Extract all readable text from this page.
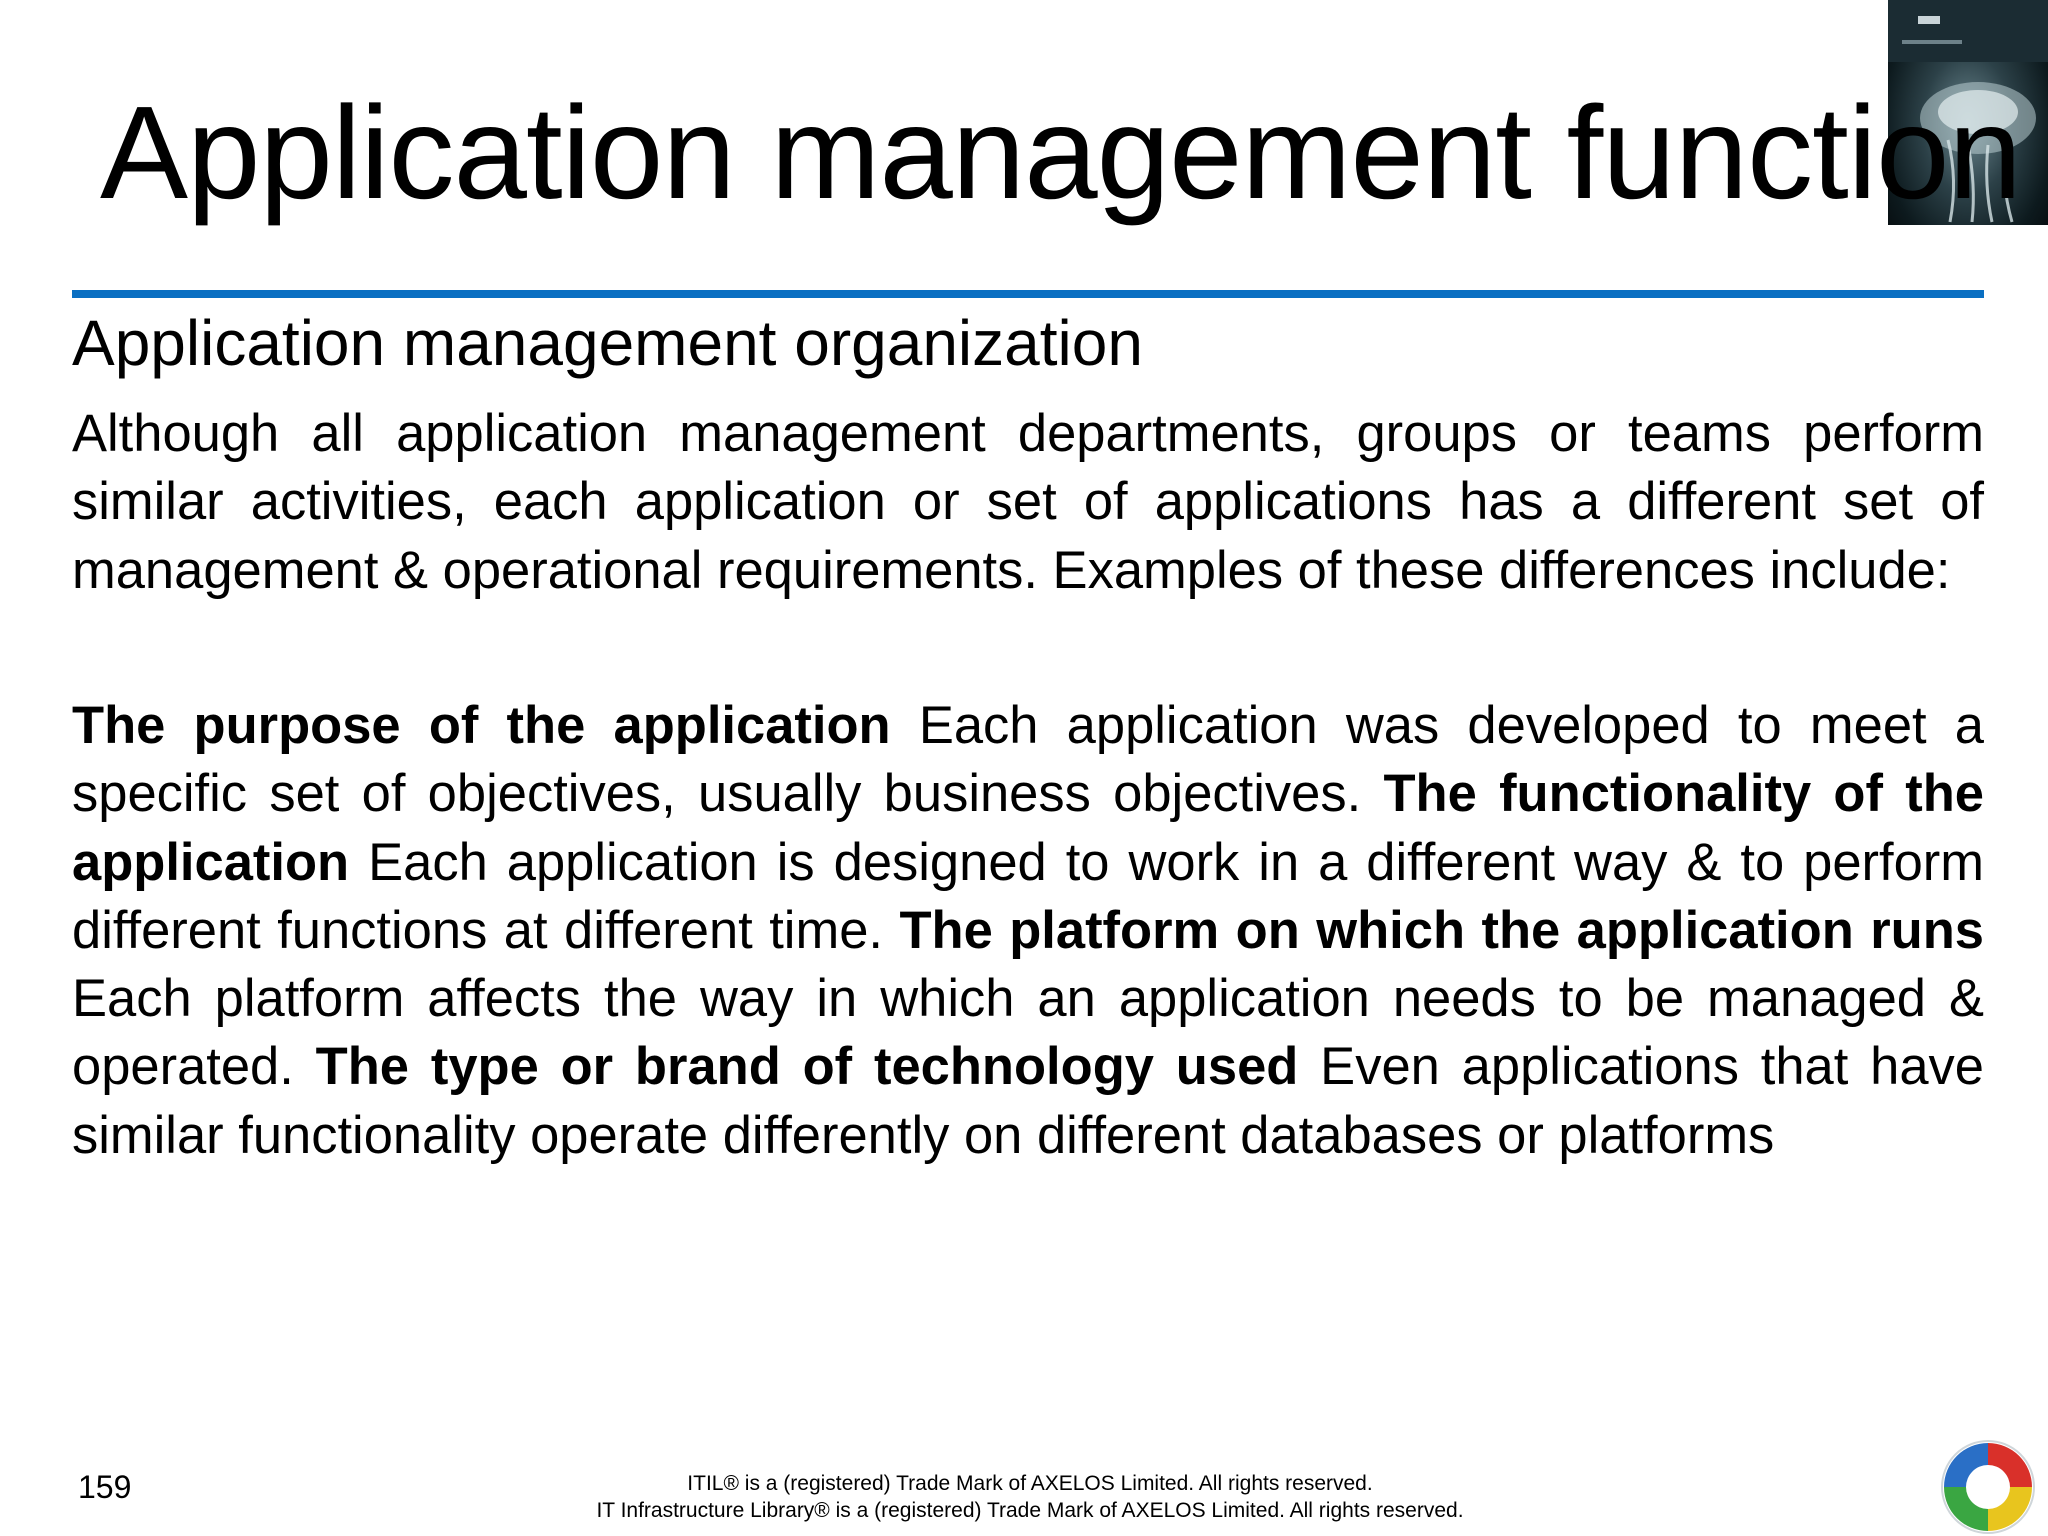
Application management function
Application management organization

Although all application management departments, groups or teams perform similar activities, each application or set of applications has a different set of management & operational requirements. Examples of these differences include:

The purpose of the application Each application was developed to meet a specific set of objectives, usually business objectives. The functionality of the application Each application is designed to work in a different way & to perform different functions at different time. The platform on which the application runs Each platform affects the way in which an application needs to be managed & operated. The type or brand of technology used Even applications that have similar functionality operate differently on different databases or platforms

159	ITIL® is a (registered) Trade Mark of AXELOS Limited. All rights reserved.
IT Infrastructure Library® is a (registered) Trade Mark of AXELOS Limited. All rights reserved.
